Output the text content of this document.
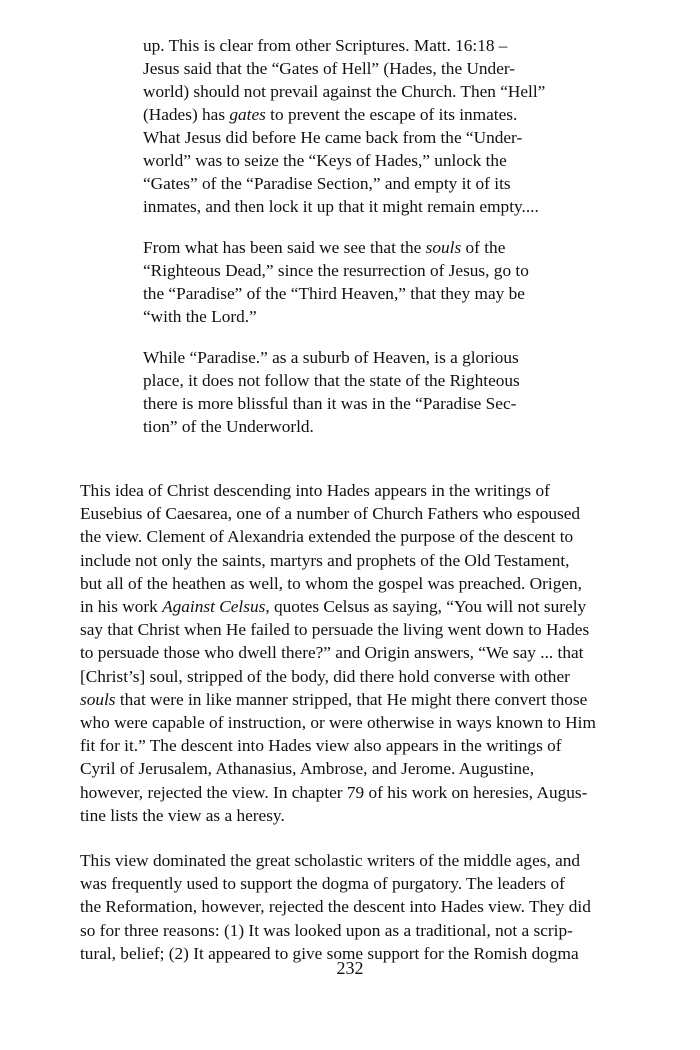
up. This is clear from other Scriptures. Matt. 16:18 –
Jesus said that the “Gates of Hell” (Hades, the Under-
world) should not prevail against the Church. Then “Hell”
(Hades) has gates to prevent the escape of its inmates.
What Jesus did before He came back from the “Under-
world” was to seize the “Keys of Hades,” unlock the
“Gates” of the “Paradise Section,” and empty it of its
inmates, and then lock it up that it might remain empty....

From what has been said we see that the souls of the
“Righteous Dead,” since the resurrection of Jesus, go to
the “Paradise” of the “Third Heaven,” that they may be
“with the Lord.”

While “Paradise.” as a suburb of Heaven, is a glorious
place, it does not follow that the state of the Righteous
there is more blissful than it was in the “Paradise Sec-
tion” of the Underworld.

This idea of Christ descending into Hades appears in the writings of
Eusebius of Caesarea, one of a number of Church Fathers who espoused
the view. Clement of Alexandria extended the purpose of the descent to
include not only the saints, martyrs and prophets of the Old Testament,
but all of the heathen as well, to whom the gospel was preached. Origen,
in his work Against Celsus, quotes Celsus as saying, “You will not surely
say that Christ when He failed to persuade the living went down to Hades
to persuade those who dwell there?” and Origin answers, “We say ... that
[Christ’s] soul, stripped of the body, did there hold converse with other
souls that were in like manner stripped, that He might there convert those
who were capable of instruction, or were otherwise in ways known to Him
fit for it.” The descent into Hades view also appears in the writings of
Cyril of Jerusalem, Athanasius, Ambrose, and Jerome. Augustine,
however, rejected the view. In chapter 79 of his work on heresies, Augus-
tine lists the view as a heresy.

This view dominated the great scholastic writers of the middle ages, and
was frequently used to support the dogma of purgatory. The leaders of
the Reformation, however, rejected the descent into Hades view. They did
so for three reasons: (1) It was looked upon as a traditional, not a scrip-
tural, belief; (2) It appeared to give some support for the Romish dogma

232
